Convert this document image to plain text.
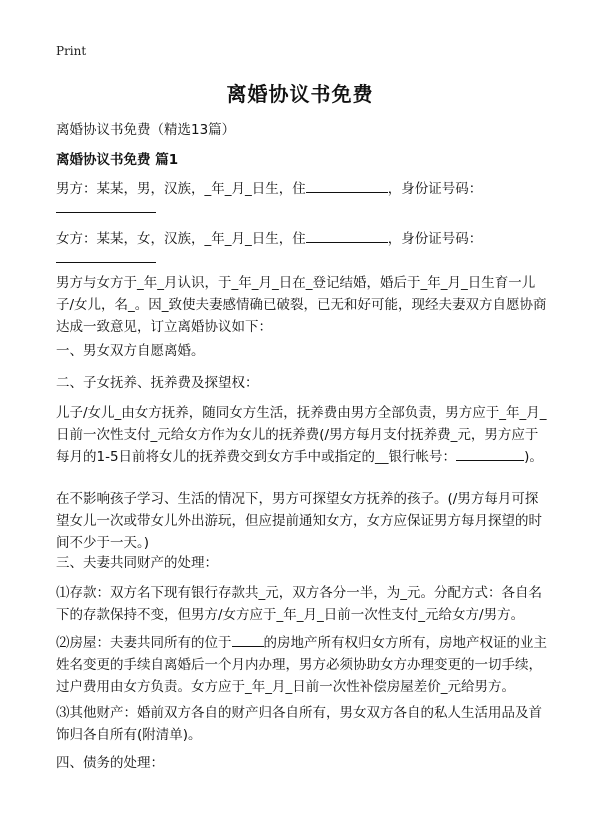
Print
离婚协议书免费
离婚协议书免费（精选13篇）
离婚协议书免费 篇1
男方：某某，男，汉族，_年_月_日生，住	，身份证号码：
女方：某某，女，汉族，_年_月_日生，住	，身份证号码：

男方与女方于_年_月认识，于_年_月_日在_登记结婚，婚后于_年_月_日生育一儿子/女儿，名_。因_致使夫妻感情确已破裂，已无和好可能，现经夫妻双方自愿协商达成一致意见，订立离婚协议如下：

一、男女双方自愿离婚。

二、子女抚养、抚养费及探望权：

儿子/女儿_由女方抚养，随同女方生活，抚养费由男方全部负责，男方应于_年_月_日前一次性支付_元给女方作为女儿的抚养费(/男方每月支付抚养费_元，男方应于每月的1-5日前将女儿的抚养费交到女方手中或指定的__银行帐号：	)。

在不影响孩子学习、生活的情况下，男方可探望女方抚养的孩子。(/男方每月可探望女儿一次或带女儿外出游玩，但应提前通知女方，女方应保证男方每月探望的时间不少于一天。)

三、夫妻共同财产的处理：

⑴存款：双方名下现有银行存款共_元，双方各分一半，为_元。分配方式：各自名下的存款保持不变，但男方/女方应于_年_月_日前一次性支付_元给女方/男方。

⑵房屋：夫妻共同所有的位于 的房地产所有权归女方所有，房地产权证的业主姓名变更的手续自离婚后一个月内办理，男方必须协助女方办理变更的一切手续，过户费用由女方负责。女方应于_年_月_日前一次性补偿房屋差价_元给男方。

⑶其他财产：婚前双方各自的财产归各自所有，男女双方各自的私人生活用品及首饰归各自所有(附清单)。

四、债务的处理：
